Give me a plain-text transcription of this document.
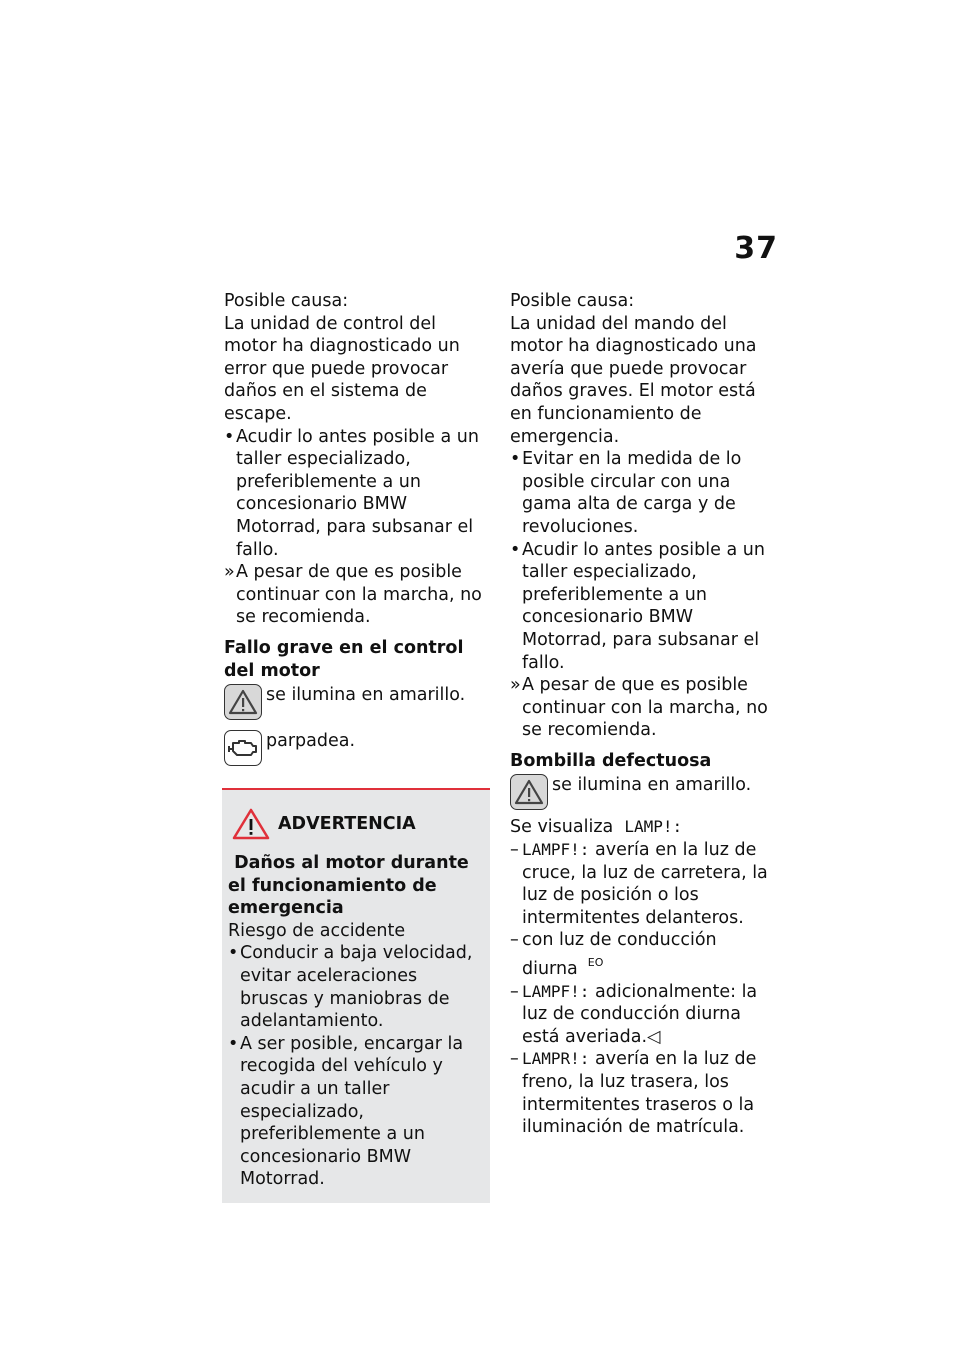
37

Posible causa:

La unidad de control del motor ha diagnosticado un error que puede provocar daños en el sistema de escape.

• Acudir lo antes posible a un taller especializado, preferiblemente a un concesionario BMW Motorrad, para subsanar el fallo.
» A pesar de que es posible continuar con la marcha, no se recomienda.

Fallo grave en el control del motor

se ilumina en amarillo.
parpadea.
ADVERTENCIA

Daños al motor durante el funcionamiento de emergencia

Riesgo de accidente

• Conducir a baja velocidad, evitar aceleraciones bruscas y maniobras de adelantamiento.
• A ser posible, encargar la recogida del vehículo y acudir a un taller especializado, preferiblemente a un concesionario BMW Motorrad.

Posible causa:

La unidad del mando del motor ha diagnosticado una avería que puede provocar daños graves. El motor está en funcionamiento de emergencia.

• Evitar en la medida de lo posible circular con una gama alta de carga y de revoluciones.
• Acudir lo antes posible a un taller especializado, preferiblemente a un concesionario BMW Motorrad, para subsanar el fallo.
» A pesar de que es posible continuar con la marcha, no se recomienda.

Bombilla defectuosa

se ilumina en amarillo.

Se visualiza LAMP!:

– LAMPF!: avería en la luz de cruce, la luz de carretera, la luz de posición o los intermitentes delanteros.
– con luz de conducción diurna $^{EO}$
– LAMPF!: adicionalmente: la luz de conducción diurna está averiada.◁
– LAMPR!: avería en la luz de freno, la luz trasera, los intermitentes traseros o la iluminación de matrícula.
